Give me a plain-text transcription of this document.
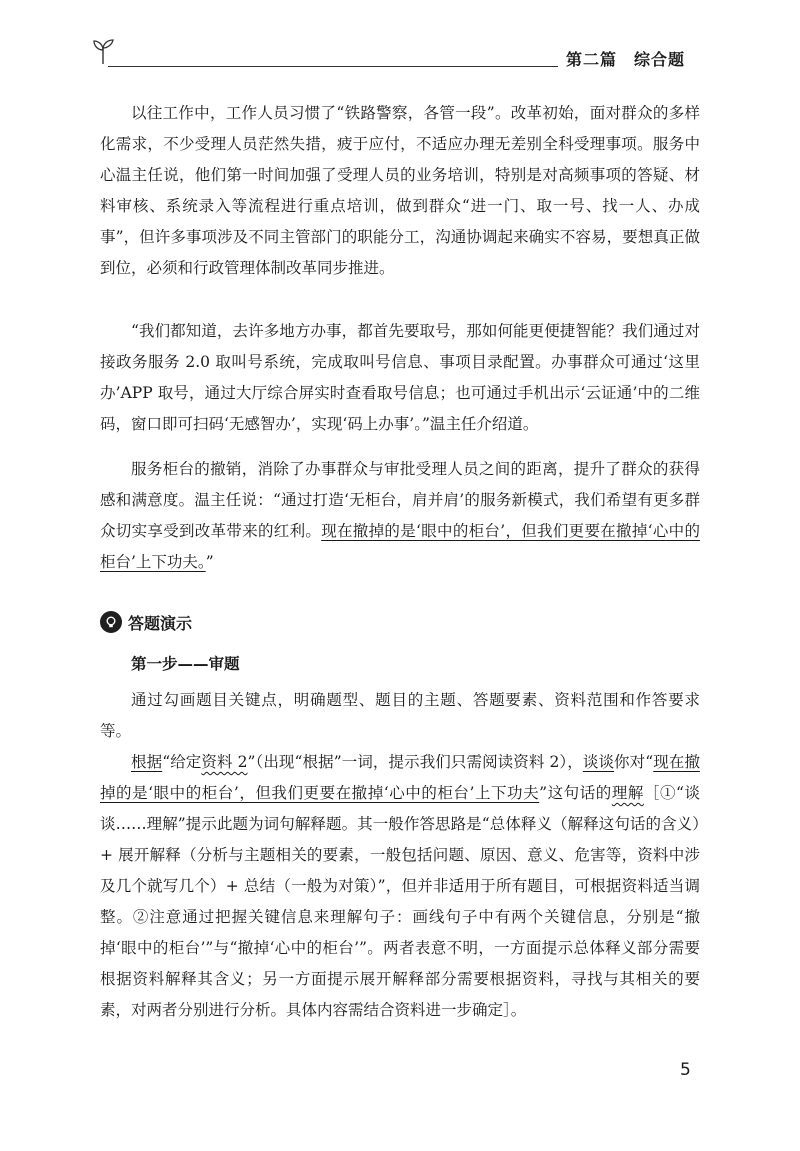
第二篇　综合题

以往工作中，工作人员习惯了“铁路警察，各管一段”。改革初始，面对群众的多样化需求，不少受理人员茫然失措，疲于应付，不适应办理无差别全科受理事项。服务中心温主任说，他们第一时间加强了受理人员的业务培训，特别是对高频事项的答疑、材料审核、系统录入等流程进行重点培训，做到群众“进一门、取一号、找一人、办成事”，但许多事项涉及不同主管部门的职能分工，沟通协调起来确实不容易，要想真正做到位，必须和行政管理体制改革同步推进。

“我们都知道，去许多地方办事，都首先要取号，那如何能更便捷智能？我们通过对接政务服务 2.0 取叫号系统，完成取叫号信息、事项目录配置。办事群众可通过‘这里办’APP 取号，通过大厅综合屏实时查看取号信息；也可通过手机出示‘云证通’中的二维码，窗口即可扫码‘无感智办’，实现‘码上办事’。”温主任介绍道。

服务柜台的撤销，消除了办事群众与审批受理人员之间的距离，提升了群众的获得感和满意度。温主任说：“通过打造‘无柜台，肩并肩’的服务新模式，我们希望有更多群众切实享受到改革带来的红利。现在撤掉的是‘眼中的柜台’，但我们更要在撤掉‘心中的柜台’上下功夫。”

答题演示
第一步——审题

通过勾画题目关键点，明确题型、题目的主题、答题要素、资料范围和作答要求等。

根据“给定资料 2”（出现“根据”一词，提示我们只需阅读资料 2），谈谈你对“现在撤掉的是‘眼中的柜台’，但我们更要在撤掉‘心中的柜台’上下功夫”这句话的理解［①“谈谈……理解”提示此题为词句解释题。其一般作答思路是“总体释义（解释这句话的含义）+ 展开解释（分析与主题相关的要素，一般包括问题、原因、意义、危害等，资料中涉及几个就写几个）+ 总结（一般为对策）”，但并非适用于所有题目，可根据资料适当调整。②注意通过把握关键信息来理解句子：画线句子中有两个关键信息，分别是“撤掉‘眼中的柜台’”与“撤掉‘心中的柜台’”。两者表意不明，一方面提示总体释义部分需要根据资料解释其含义；另一方面提示展开解释部分需要根据资料，寻找与其相关的要素，对两者分别进行分析。具体内容需结合资料进一步确定］。

5
